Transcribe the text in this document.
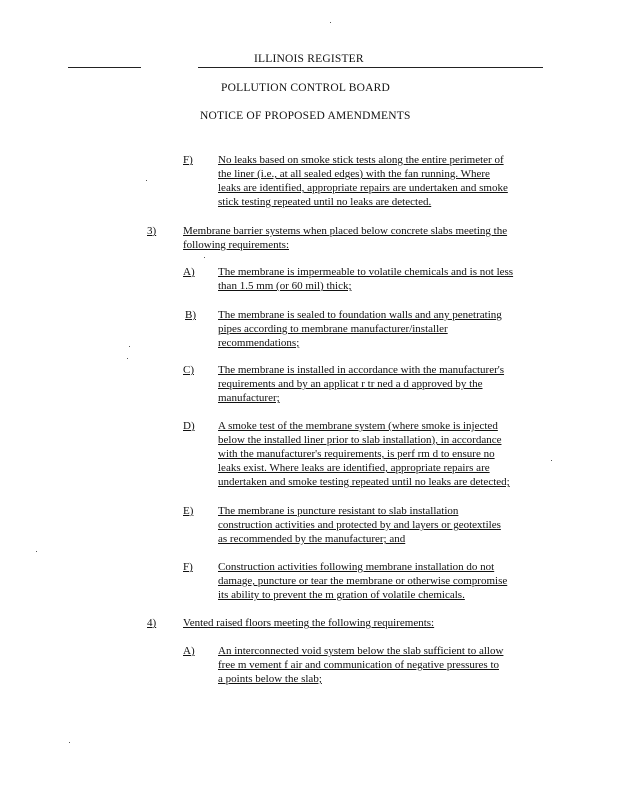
ILLINOIS REGISTER
POLLUTION CONTROL BOARD
NOTICE OF PROPOSED AMENDMENTS
F) No leaks based on smoke stick tests along the entire perimeter of
the liner (i.e., at all sealed edges) with the fan running. Where
leaks are identified, appropriate repairs are undertaken and smoke
stick testing repeated until no leaks are detected.
3) Membrane barrier systems when placed below concrete slabs meeting the
following requirements:
A) The membrane is impermeable to volatile chemicals and is not less
than 1.5 mm (or 60 mil) thick;
B) The membrane is sealed to foundation walls and any penetrating
pipes according to membrane manufacturer/installer
recommendations;
C) The membrane is installed in accordance with the manufacturer's
requirements and by an applicat r tr ned a d approved by the
manufacturer;
D) A smoke test of the membrane system (where smoke is injected
below the installed liner prior to slab installation), in accordance
with the manufacturer's requirements, is perf rm d to ensure no
leaks exist. Where leaks are identified, appropriate repairs are
undertaken and smoke testing repeated until no leaks are detected;
E) The membrane is puncture resistant to slab installation
construction activities and protected by and layers or geotextiles
as recommended by the manufacturer; and
F) Construction activities following membrane installation do not
damage, puncture or tear the membrane or otherwise compromise
its ability to prevent the m gration of volatile chemicals.
4) Vented raised floors meeting the following requirements:
A) An interconnected void system below the slab sufficient to allow
free m vement f air and communication of negative pressures to
a points below the slab;
